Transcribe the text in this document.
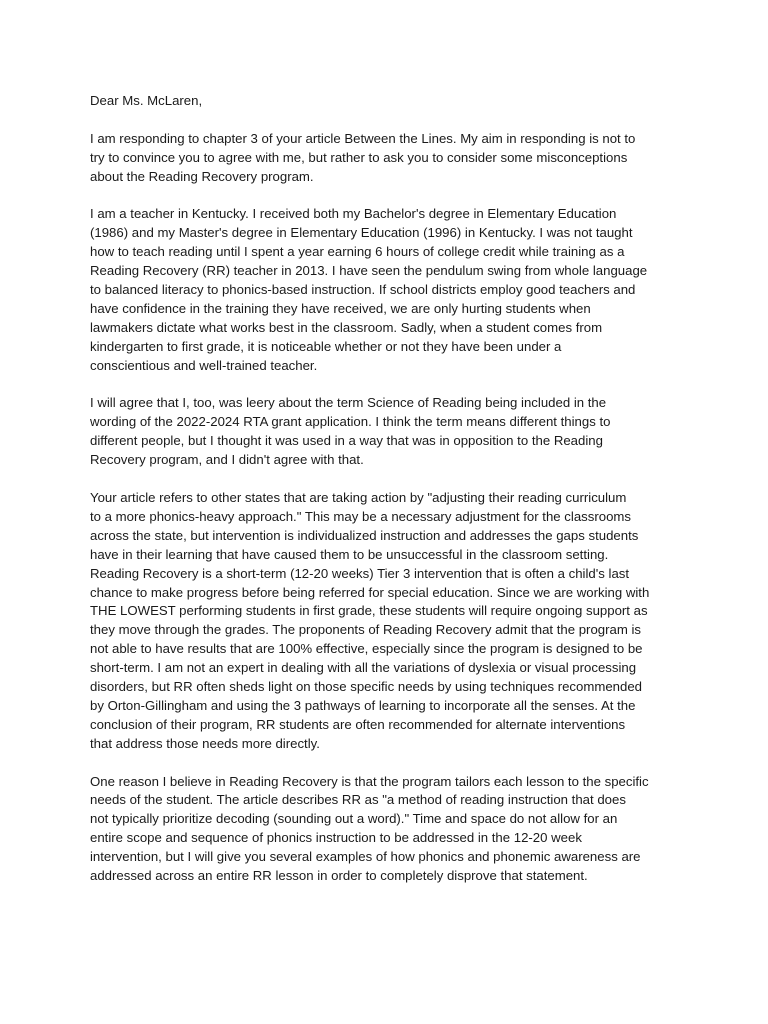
Dear Ms. McLaren,

I am responding to chapter 3 of your article Between the Lines. My aim in responding is not to
try to convince you to agree with me, but rather to ask you to consider some misconceptions
about the Reading Recovery program.

I am a teacher in Kentucky. I received both my Bachelor's degree in Elementary Education
(1986) and my Master's degree in Elementary Education (1996) in Kentucky. I was not taught
how to teach reading until I spent a year earning 6 hours of college credit while training as a
Reading Recovery (RR) teacher in 2013. I have seen the pendulum swing from whole language
to balanced literacy to phonics-based instruction. If school districts employ good teachers and
have confidence in the training they have received, we are only hurting students when
lawmakers dictate what works best in the classroom. Sadly, when a student comes from
kindergarten to first grade, it is noticeable whether or not they have been under a
conscientious and well-trained teacher.

I will agree that I, too, was leery about the term Science of Reading being included in the
wording of the 2022-2024 RTA grant application. I think the term means different things to
different people, but I thought it was used in a way that was in opposition to the Reading
Recovery program, and I didn't agree with that.

Your article refers to other states that are taking action by "adjusting their reading curriculum
to a more phonics-heavy approach." This may be a necessary adjustment for the classrooms
across the state, but intervention is individualized instruction and addresses the gaps students
have in their learning that have caused them to be unsuccessful in the classroom setting.
Reading Recovery is a short-term (12-20 weeks) Tier 3 intervention that is often a child's last
chance to make progress before being referred for special education. Since we are working with
THE LOWEST performing students in first grade, these students will require ongoing support as
they move through the grades. The proponents of Reading Recovery admit that the program is
not able to have results that are 100% effective, especially since the program is designed to be
short-term. I am not an expert in dealing with all the variations of dyslexia or visual processing
disorders, but RR often sheds light on those specific needs by using techniques recommended
by Orton-Gillingham and using the 3 pathways of learning to incorporate all the senses. At the
conclusion of their program, RR students are often recommended for alternate interventions
that address those needs more directly.

One reason I believe in Reading Recovery is that the program tailors each lesson to the specific
needs of the student. The article describes RR as "a method of reading instruction that does
not typically prioritize decoding (sounding out a word)." Time and space do not allow for an
entire scope and sequence of phonics instruction to be addressed in the 12-20 week
intervention, but I will give you several examples of how phonics and phonemic awareness are
addressed across an entire RR lesson in order to completely disprove that statement.
